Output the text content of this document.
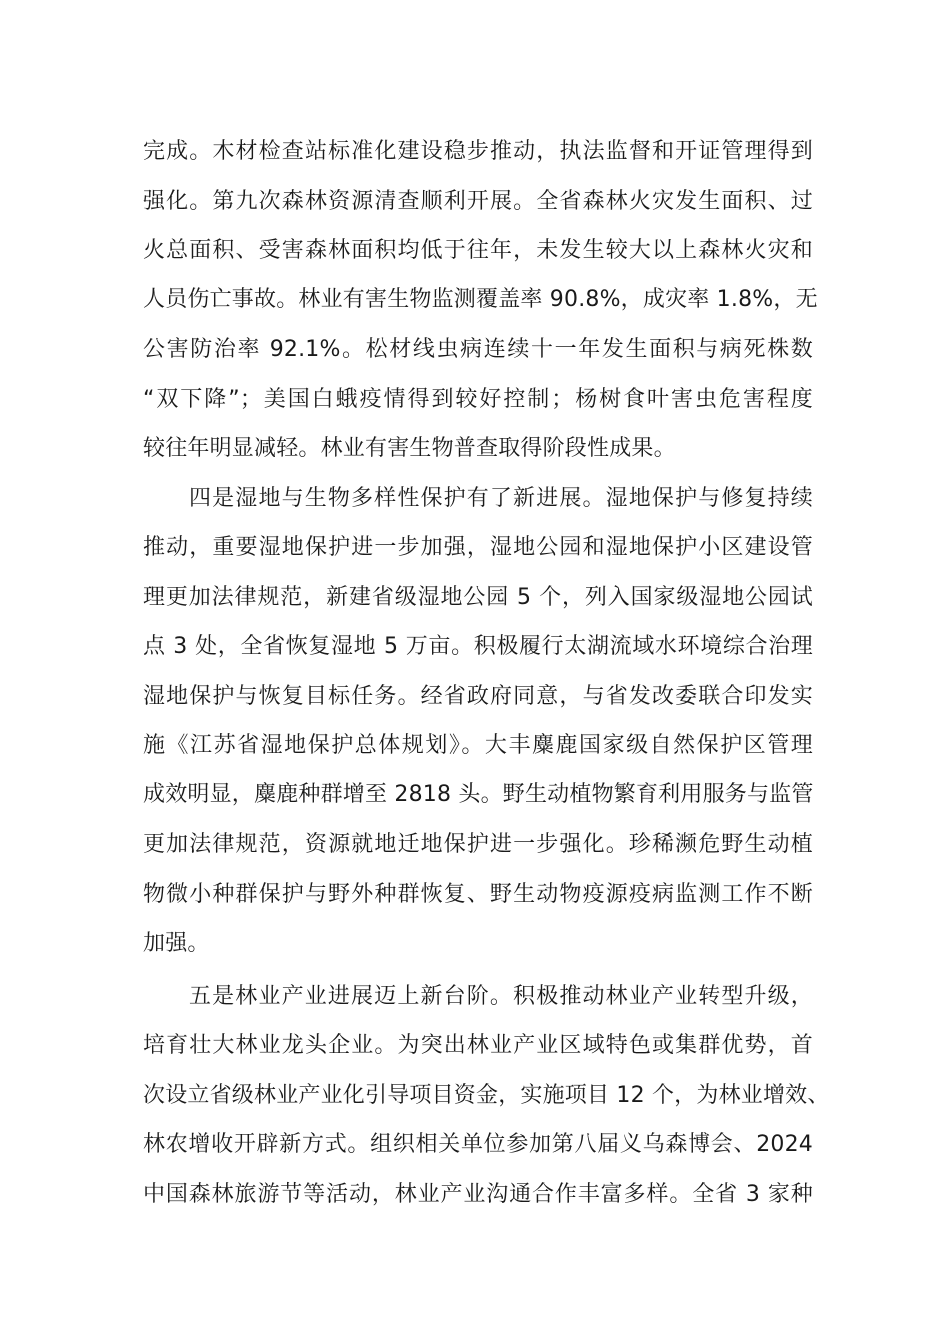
完成。木材检查站标准化建设稳步推动，执法监督和开证管理得到
强化。第九次森林资源清查顺利开展。全省森林火灾发生面积、过
火总面积、受害森林面积均低于往年，未发生较大以上森林火灾和
人员伤亡事故。林业有害生物监测覆盖率 90.8%，成灾率 1.8%，无
公害防治率 92.1%。松材线虫病连续十一年发生面积与病死株数
“双下降”；美国白蛾疫情得到较好控制；杨树食叶害虫危害程度
较往年明显减轻。林业有害生物普查取得阶段性成果。
四是湿地与生物多样性保护有了新进展。湿地保护与修复持续
推动，重要湿地保护进一步加强，湿地公园和湿地保护小区建设管
理更加法律规范，新建省级湿地公园 5 个，列入国家级湿地公园试
点 3 处，全省恢复湿地 5 万亩。积极履行太湖流域水环境综合治理
湿地保护与恢复目标任务。经省政府同意，与省发改委联合印发实
施《江苏省湿地保护总体规划》。大丰麋鹿国家级自然保护区管理
成效明显，麋鹿种群增至 2818 头。野生动植物繁育利用服务与监管
更加法律规范，资源就地迁地保护进一步强化。珍稀濒危野生动植
物微小种群保护与野外种群恢复、野生动物疫源疫病监测工作不断
加强。
五是林业产业进展迈上新台阶。积极推动林业产业转型升级，
培育壮大林业龙头企业。为突出林业产业区域特色或集群优势，首
次设立省级林业产业化引导项目资金，实施项目 12 个，为林业增效、
林农增收开辟新方式。组织相关单位参加第八届义乌森博会、2024
中国森林旅游节等活动，林业产业沟通合作丰富多样。全省 3 家种
